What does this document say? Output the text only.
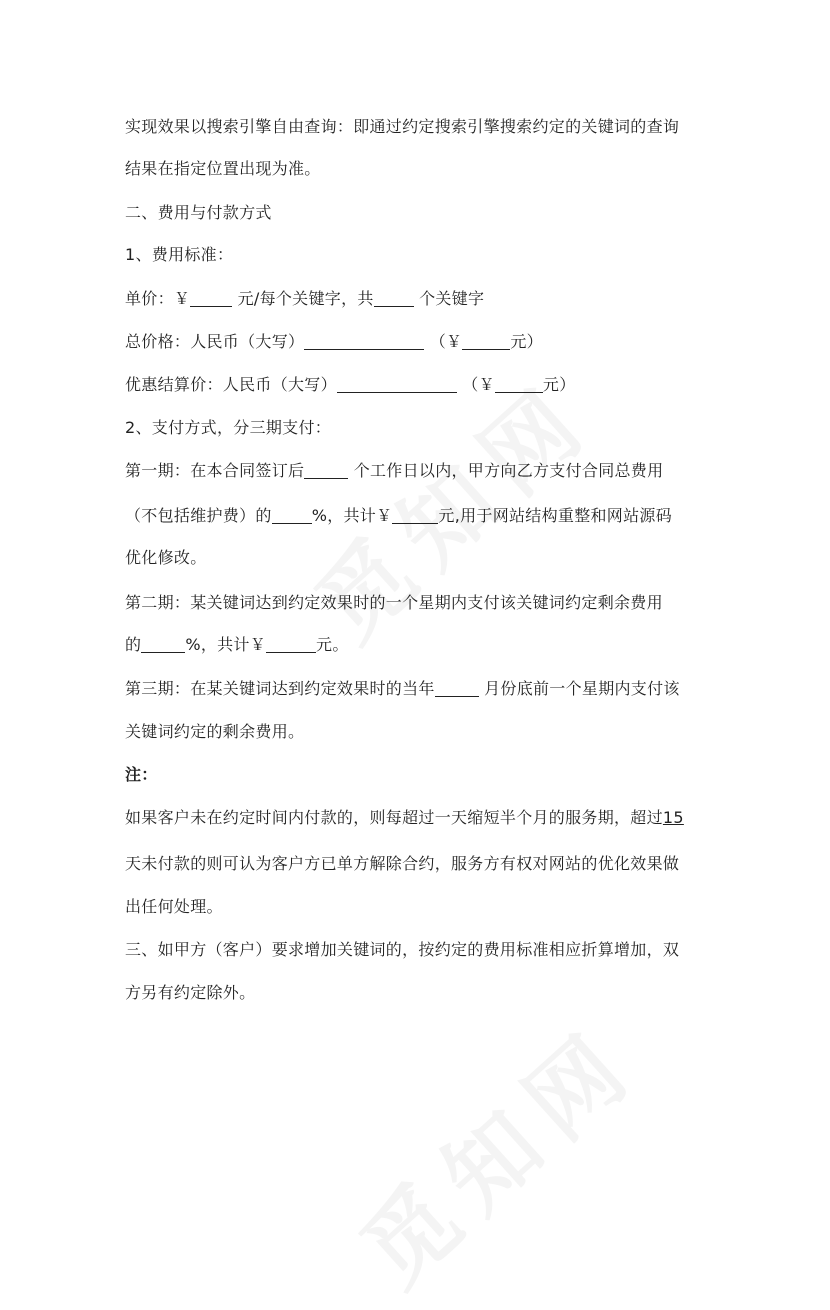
实现效果以搜索引擎自由查询：即通过约定搜索引擎搜索约定的关键词的查询
结果在指定位置出现为准。
二、费用与付款方式
1、费用标准：
单价：￥	元/每个关键字，共	个关键字
总价格：人民币（大写）	（￥	元）
优惠结算价：人民币（大写）	（￥	元）
2、支付方式，分三期支付：
第一期：在本合同签订后	个工作日以内，甲方向乙方支付合同总费用
（不包括维护费）的	%，共计￥	元,用于网站结构重整和网站源码
优化修改。
第二期：某关键词达到约定效果时的一个星期内支付该关键词约定剩余费用
的	%，共计￥	元。
第三期：在某关键词达到约定效果时的当年	月份底前一个星期内支付该
关键词约定的剩余费用。
注：
如果客户未在约定时间内付款的，则每超过一天缩短半个月的服务期，超过15
天未付款的则可认为客户方已单方解除合约，服务方有权对网站的优化效果做
出任何处理。
三、如甲方（客户）要求增加关键词的，按约定的费用标准相应折算增加，双
方另有约定除外。
